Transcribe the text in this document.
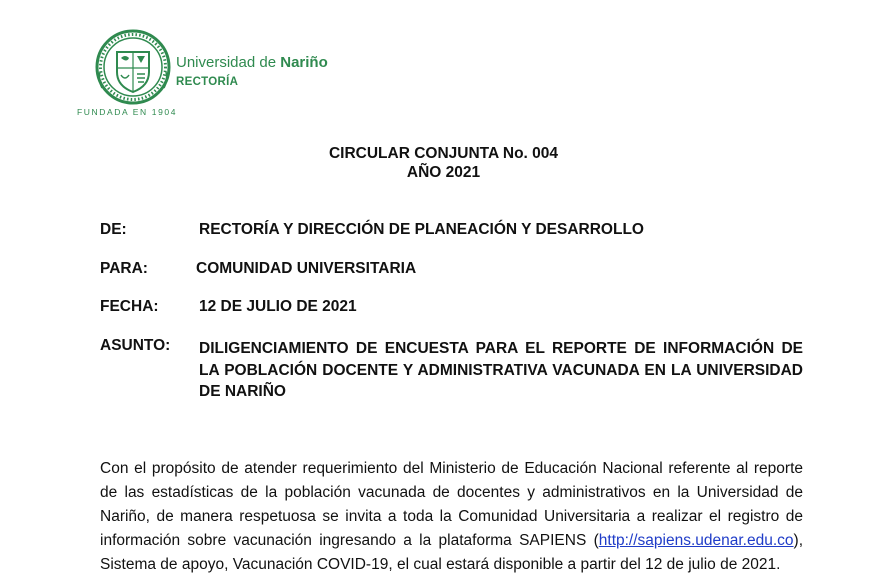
Universidad de Nariño
RECTORÍA
FUNDADA EN 1904
CIRCULAR CONJUNTA No. 004
AÑO 2021
DE:	RECTORÍA Y DIRECCIÓN DE PLANEACIÓN Y DESARROLLO
PARA:	COMUNIDAD UNIVERSITARIA
FECHA:	12 DE JULIO DE 2021
ASUNTO: DILIGENCIAMIENTO DE ENCUESTA PARA EL REPORTE DE INFORMACIÓN DE LA POBLACIÓN DOCENTE Y ADMINISTRATIVA VACUNADA EN LA UNIVERSIDAD DE NARIÑO
Con el propósito de atender requerimiento del Ministerio de Educación Nacional referente al reporte de las estadísticas de la población vacunada de docentes y administrativos en la Universidad de Nariño, de manera respetuosa se invita a toda la Comunidad Universitaria a realizar el registro de información sobre vacunación ingresando a la plataforma SAPIENS (http://sapiens.udenar.edu.co), Sistema de apoyo, Vacunación COVID-19, el cual estará disponible a partir del 12 de julio de 2021.
